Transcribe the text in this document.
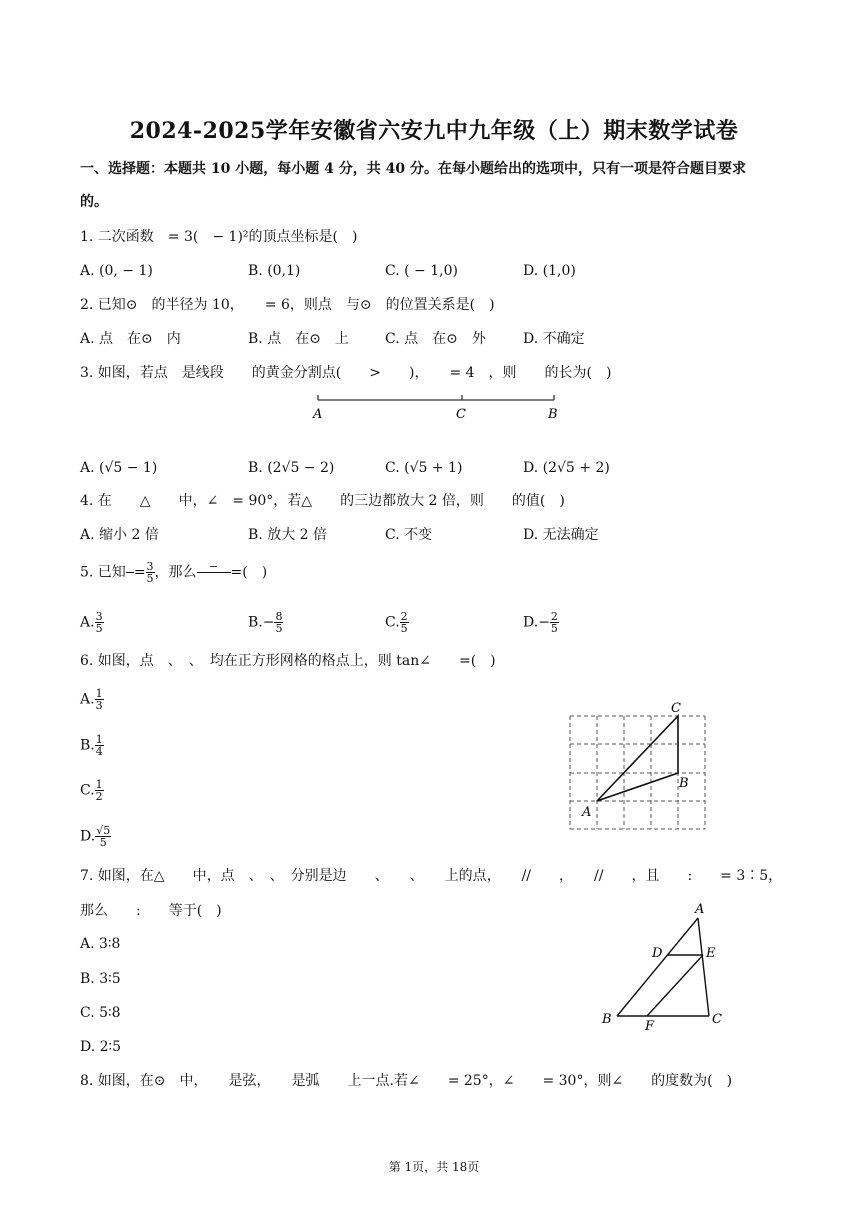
2024-2025学年安徽省六安九中九年级（上）期末数学试卷
一、选择题：本题共 10 小题，每小题 4 分，共 40 分。在每小题给出的选项中，只有一项是符合题目要求
的。
1. 二次函数　= 3(　− 1)²的顶点坐标是(　)
A. (0, − 1)	B. (0,1)	C. ( − 1,0)	D. (1,0)
2. 已知⊙　的半径为 10，　　= 6，则点　与⊙　的位置关系是(　)
A. 点　在⊙　内	B. 点　在⊙　上	C. 点　在⊙　外	D. 不确定
3. 如图，若点　是线段　　的黄金分割点(　　>　　)，　　= 4　，则　　的长为(　)
A	C	B
A. (√5 − 1)	B. (2√5 − 2)	C. (√5 + 1)	D. (2√5 + 2)
4. 在　　△　　中，∠　= 90°，若△　　的三边都放大 2 倍，则　　的值(　)
A. 缩小 2 倍	B. 放大 2 倍	C. 不变	D. 无法确定
5. 已知

= $\frac{3}{5}$ ，那么 −
=(　)
A. $\frac{3}{5}$	$B.- \frac{8}{5}$	C. $\frac{2}{5}$	$D.- \frac{2}{5}$
6. 如图，点　、　、　均在正方形网格的格点上，则 tan∠　　=(　)
A. $\frac{1}{3}$
B. $\frac{1}{4}$
C. $\frac{1}{2}$
D. $\frac{√5}{5}$
C
B
A
7. 如图，在△　　中，点　、　、　分别是边　　、　　、　　上的点，　　//　　，　　//　　，且　　:　　= 3∶5，
那么　　:　　等于(　)
A. 3∶8
B. 3∶5
C. 5∶8
D. 2∶5
A
D	E
B	F	C
8. 如图，在⊙　中，　　是弦，　　是弧　　上一点.若∠　　= 25°，∠　　= 30°，则∠　　的度数为(　)
第 1页，共 18页
